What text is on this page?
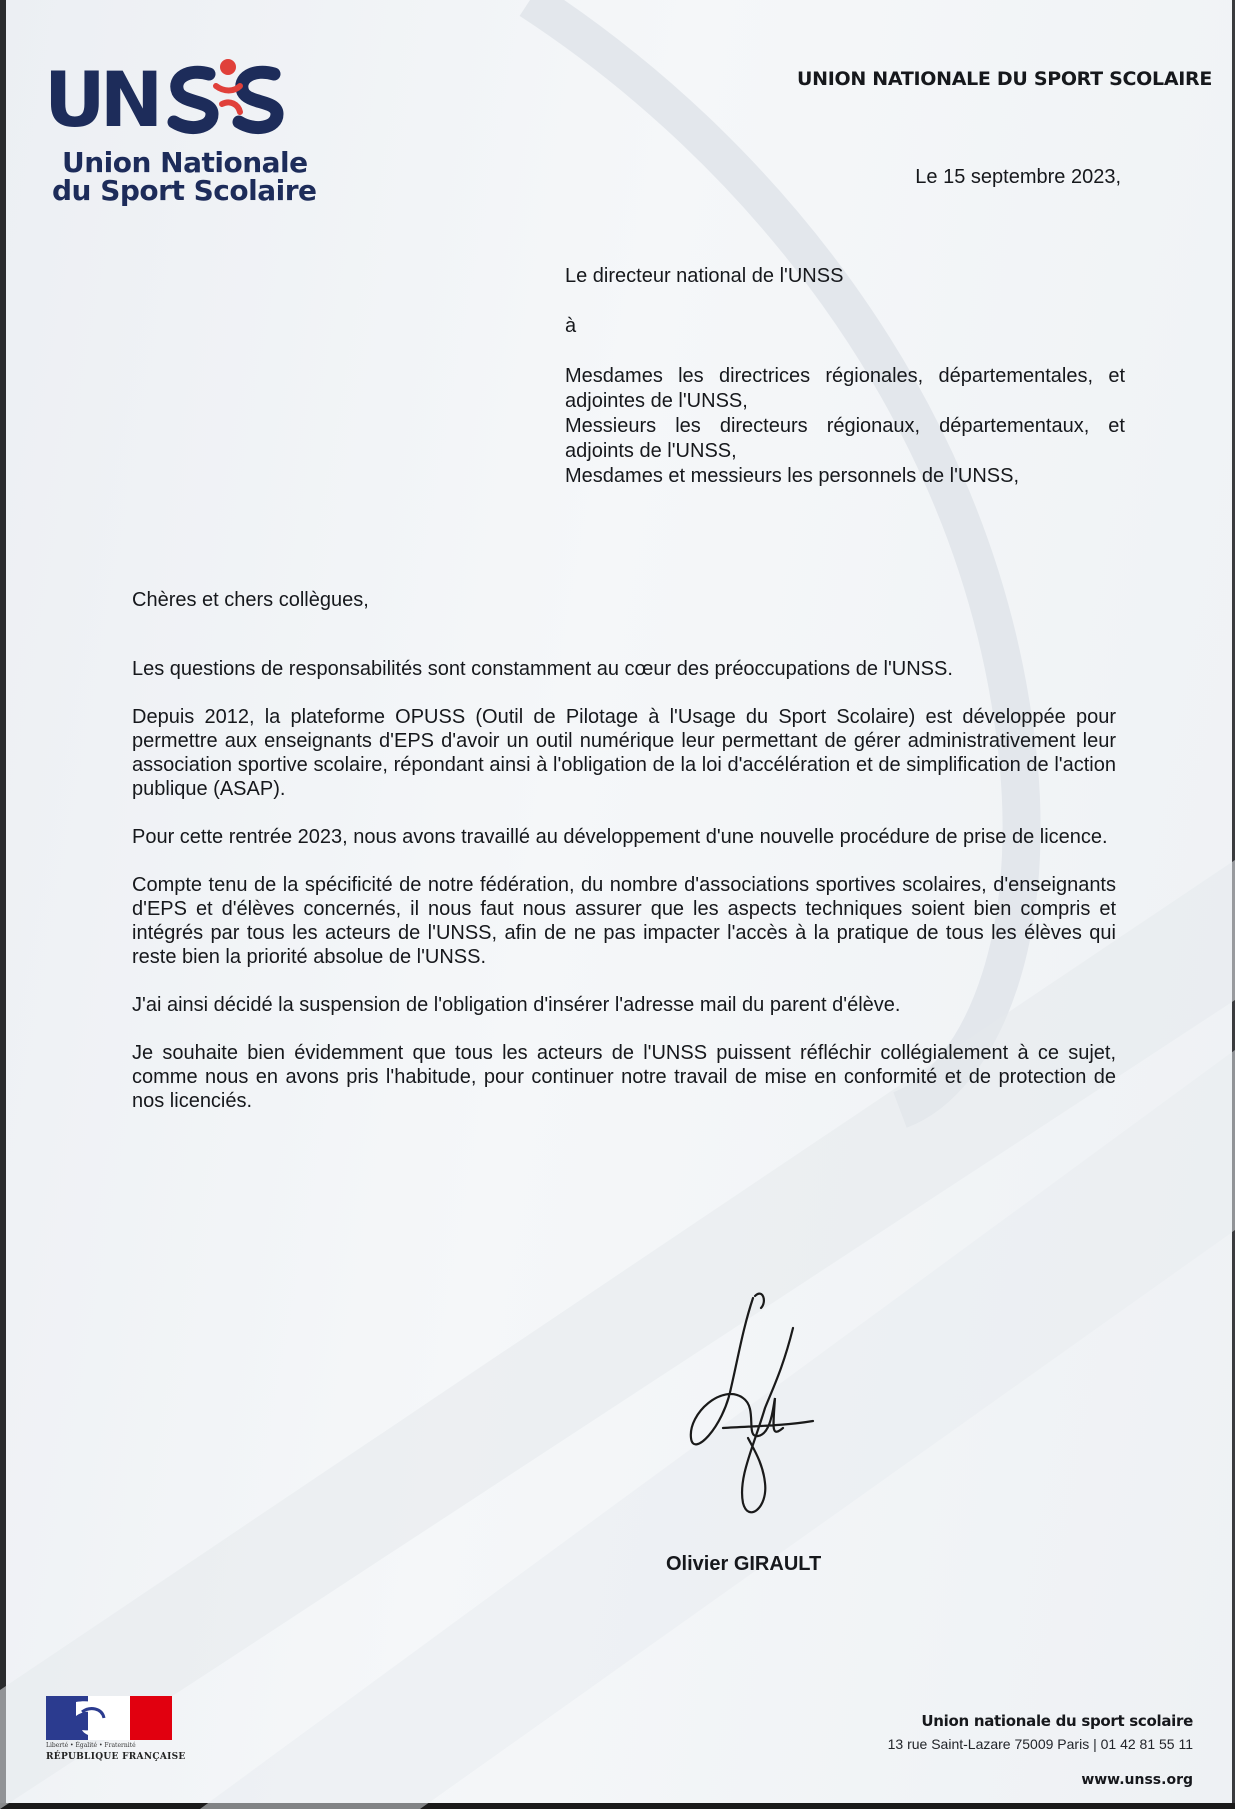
UN
Union Nationale
du Sport Scolaire
UNION NATIONALE DU SPORT SCOLAIRE
Le 15 septembre 2023,

Le directeur national de l'UNSS

à

Mesdames les directrices régionales, départementales, et adjointes de l'UNSS,

Messieurs les directeurs régionaux, départementaux, et adjoints de l'UNSS,

Mesdames et messieurs les personnels de l'UNSS,

Chères et chers collègues,

Les questions de responsabilités sont constamment au cœur des préoccupations de l'UNSS.

Depuis 2012, la plateforme OPUSS (Outil de Pilotage à l'Usage du Sport Scolaire) est développée pour permettre aux enseignants d'EPS d'avoir un outil numérique leur permettant de gérer administrativement leur association sportive scolaire, répondant ainsi à l'obligation de la loi d'accélération et de simplification de l'action publique (ASAP).

Pour cette rentrée 2023, nous avons travaillé au développement d'une nouvelle procédure de prise de licence.

Compte tenu de la spécificité de notre fédération, du nombre d'associations sportives scolaires, d'enseignants d'EPS et d'élèves concernés, il nous faut nous assurer que les aspects techniques soient bien compris et intégrés par tous les acteurs de l'UNSS, afin de ne pas impacter l'accès à la pratique de tous les élèves qui reste bien la priorité absolue de l'UNSS.

J'ai ainsi décidé la suspension de l'obligation d'insérer l'adresse mail du parent d'élève.

Je souhaite bien évidemment que tous les acteurs de l'UNSS puissent réfléchir collégialement à ce sujet, comme nous en avons pris l'habitude, pour continuer notre travail de mise en conformité et de protection de nos licenciés.

Olivier GIRAULT
Liberté • Égalité • Fraternité
RÉPUBLIQUE FRANÇAISE
Union nationale du sport scolaire
13 rue Saint-Lazare 75009 Paris | 01 42 81 55 11
www.unss.org
